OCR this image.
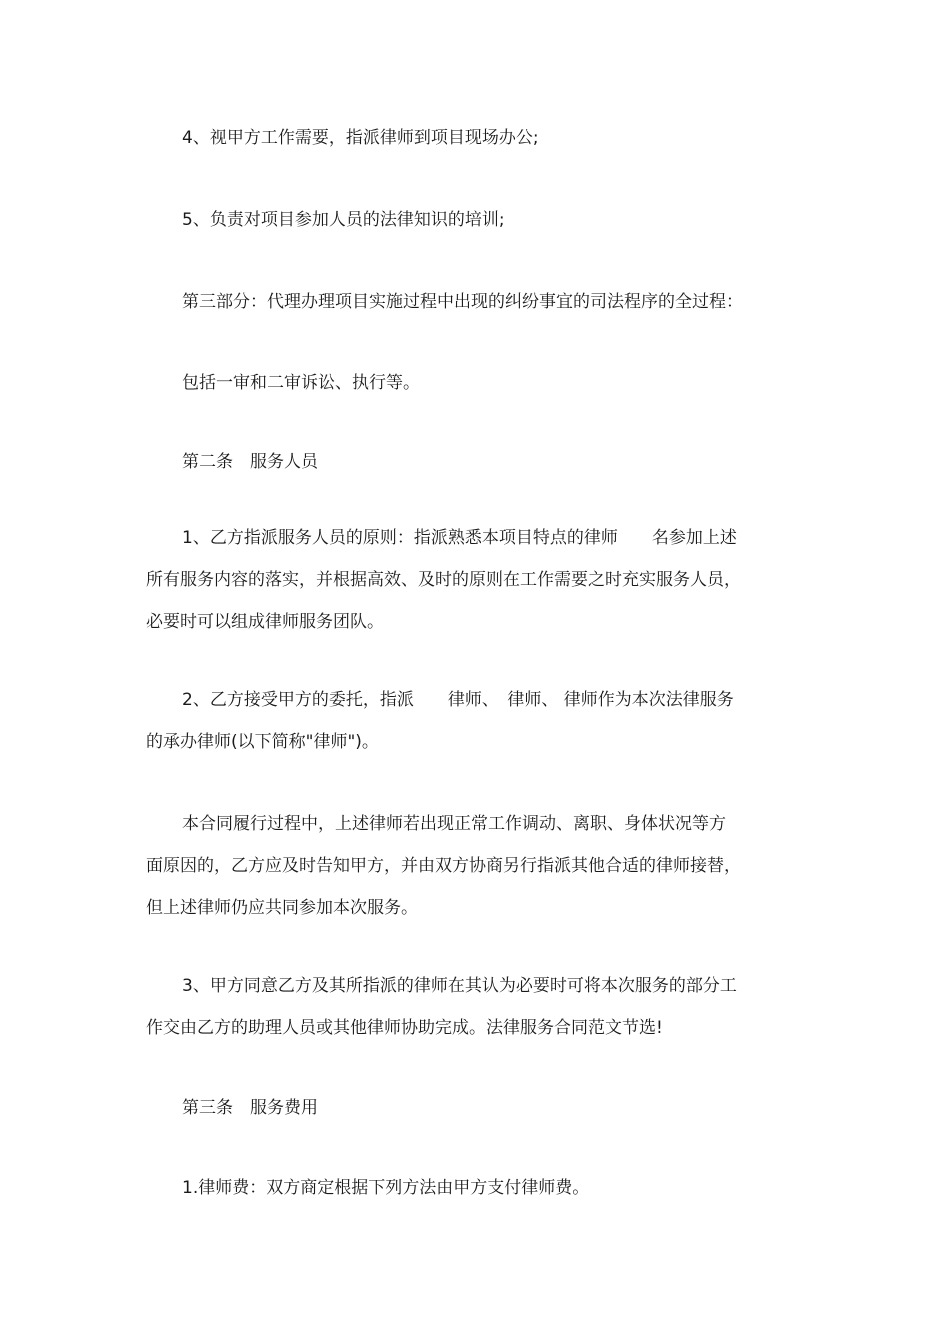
4、视甲方工作需要，指派律师到项目现场办公;
5、负责对项目参加人员的法律知识的培训;
第三部分：代理办理项目实施过程中出现的纠纷事宜的司法程序的全过程：
包括一审和二审诉讼、执行等。
第二条　服务人员
1、乙方指派服务人员的原则：指派熟悉本项目特点的律师　　名参加上述
所有服务内容的落实，并根据高效、及时的原则在工作需要之时充实服务人员，
必要时可以组成律师服务团队。
2、乙方接受甲方的委托，指派　　律师、　律师、 律师作为本次法律服务
的承办律师(以下简称"律师")。
本合同履行过程中，上述律师若出现正常工作调动、离职、身体状况等方
面原因的，乙方应及时告知甲方，并由双方协商另行指派其他合适的律师接替，
但上述律师仍应共同参加本次服务。
3、甲方同意乙方及其所指派的律师在其认为必要时可将本次服务的部分工
作交由乙方的助理人员或其他律师协助完成。法律服务合同范文节选!
第三条　服务费用
1.律师费：双方商定根据下列方法由甲方支付律师费。
